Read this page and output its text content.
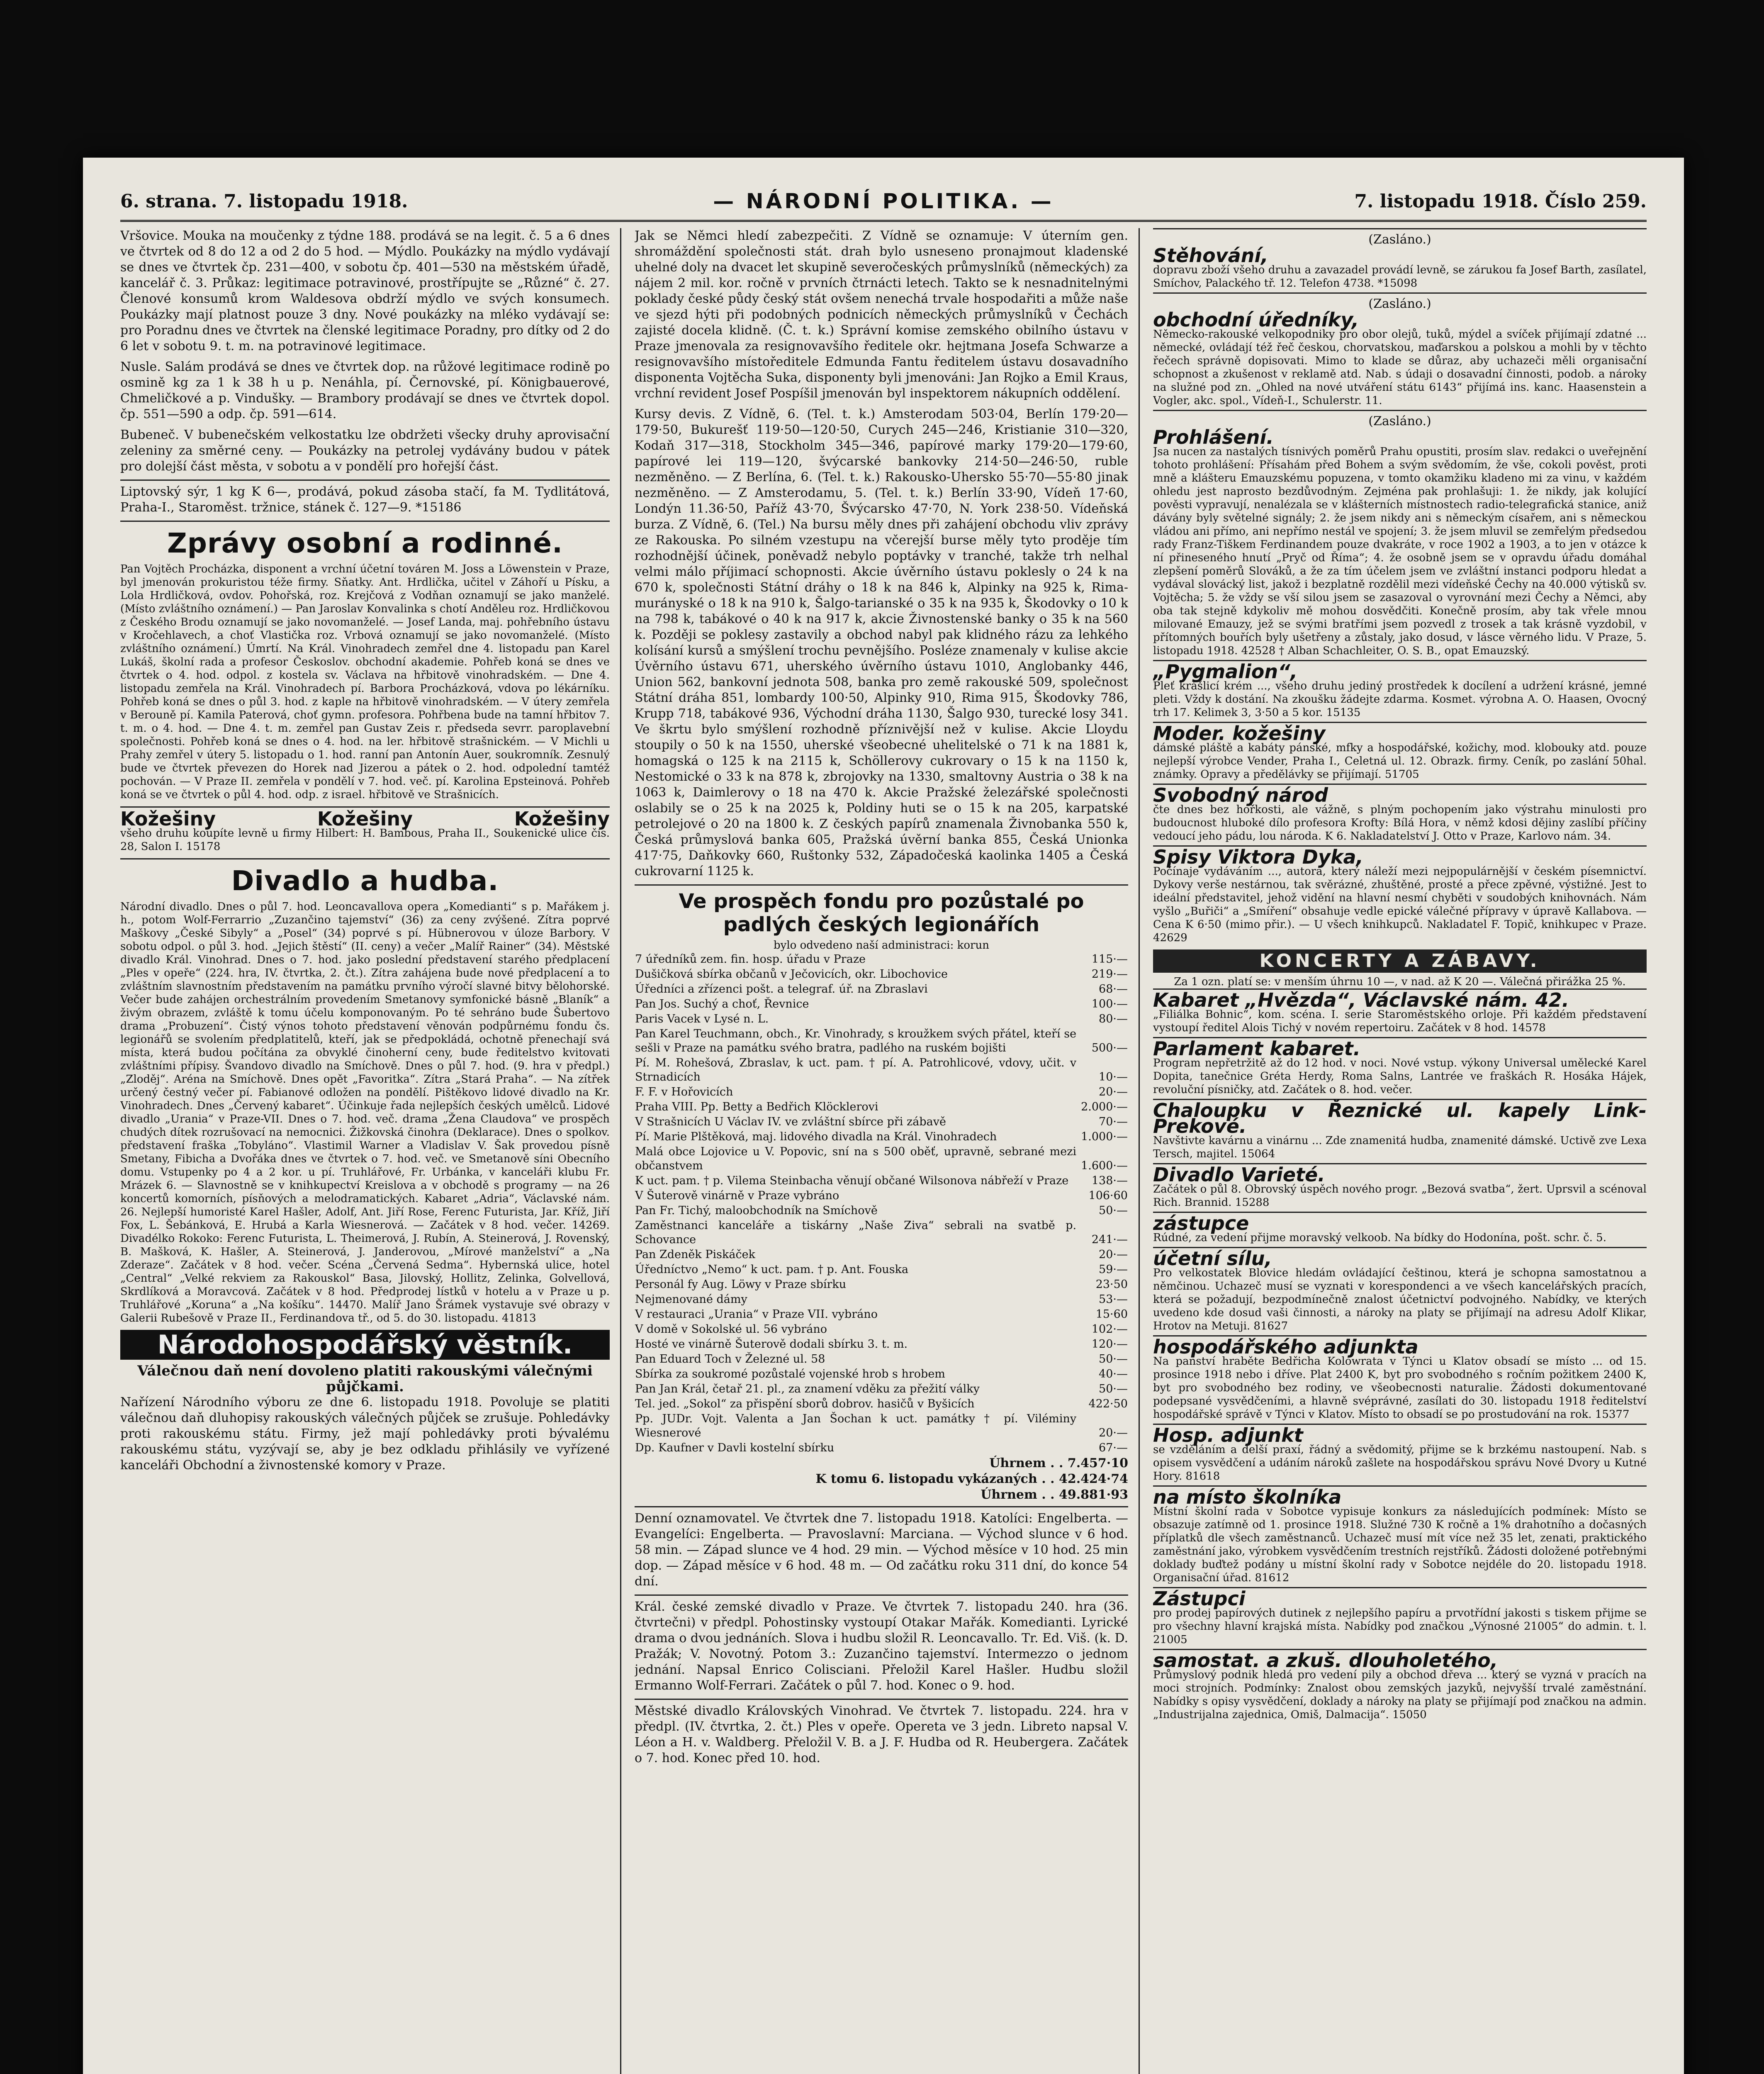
6. strana. 7. listopadu 1918.	— NÁRODNÍ POLITIKA. —	7. listopadu 1918. Číslo 259.

Vršovice. Mouka na moučenky z týdne 188. prodává se na legit. č. 5 a 6 dnes ve čtvrtek od 8 do 12 a od 2 do 5 hod. — Mýdlo. Poukázky na mýdlo vydávají se dnes ve čtvrtek čp. 231—400, v sobotu čp. 401—530 na městském úřadě, kancelář č. 3. Průkaz: legitimace potravinové, prostřípujte se „Různé“ č. 27. Členové konsumů krom Waldesova obdrží mýdlo ve svých konsumech. Poukázky mají platnost pouze 3 dny. Nové poukázky na mléko vydávají se: pro Poradnu dnes ve čtvrtek na členské legitimace Poradny, pro dítky od 2 do 6 let v sobotu 9. t. m. na potravinové legitimace.

Nusle. Salám prodává se dnes ve čtvrtek dop. na růžové legitimace rodině po osmině kg za 1 k 38 h u p. Nenáhla, pí. Černovské, pí. Königbauerové, Chmeličkové a p. Vindušky. — Brambory prodávají se dnes ve čtvrtek dopol. čp. 551—590 a odp. čp. 591—614.

Bubeneč. V bubenečském velkostatku lze obdržeti všecky druhy aprovisační zeleniny za směrné ceny. — Poukázky na petrolej vydávány budou v pátek pro dolejší část města, v sobotu a v pondělí pro hořejší část.

Liptovský sýr, 1 kg K 6—, prodává, pokud zásoba stačí, fa M. Tydlitátová, Praha-I., Staroměst. tržnice, stánek č. 127—9. *15186

Zprávy osobní a rodinné.

Pan Vojtěch Procházka, disponent a vrchní účetní továren M. Joss a Löwenstein v Praze, byl jmenován prokuristou téže firmy. Sňatky. Ant. Hrdlička, učitel v Záhoří u Písku, a Lola Hrdličková, ovdov. Pohořská, roz. Krejčová z Vodňan oznamují se jako manželé. (Místo zvláštního oznámení.) — Pan Jaroslav Konvalinka s chotí Anděleu roz. Hrdličkovou z Českého Brodu oznamují se jako novomanželé. — Josef Landa, maj. pohřebního ústavu v Kročehlavech, a choť Vlastička roz. Vrbová oznamují se jako novomanželé. (Místo zvláštního oznámení.) Úmrtí. Na Král. Vinohradech zemřel dne 4. listopadu pan Karel Lukáš, školní rada a profesor Českoslov. obchodní akademie. Pohřeb koná se dnes ve čtvrtek o 4. hod. odpol. z kostela sv. Václava na hřbitově vinohradském. — Dne 4. listopadu zemřela na Král. Vinohradech pí. Barbora Procházková, vdova po lékárníku. Pohřeb koná se dnes o půl 3. hod. z kaple na hřbitově vinohradském. — V útery zemřela v Berouně pí. Kamila Paterová, choť gymn. profesora. Pohřbena bude na tamní hřbitov 7. t. m. o 4. hod. — Dne 4. t. m. zemřel pan Gustav Zeis r. předseda sevrr. paroplavební společnosti. Pohřeb koná se dnes o 4. hod. na ler. hřbitově strašnickém. — V Michli u Prahy zemřel v útery 5. listopadu o 1. hod. ranní pan Antonín Auer, soukromník. Zesnulý bude ve čtvrtek převezen do Horek nad Jizerou a pátek o 2. hod. odpolední tamtéž pochován. — V Praze II. zemřela v pondělí v 7. hod. več. pí. Karolina Epsteinová. Pohřeb koná se ve čtvrtek o půl 4. hod. odp. z israel. hřbitově ve Strašnicích.

Kožešiny	Kožešiny	Kožešiny

všeho druhu koupíte levně u firmy Hilbert: H. Bambous, Praha II., Soukenické ulice čís. 28, Salon I. 15178

Divadlo a hudba.

Národní divadlo. Dnes o půl 7. hod. Leoncavallova opera „Komedianti“ s p. Mařákem j. h., potom Wolf-Ferrarrio „Zuzančino tajemství“ (36) za ceny zvýšené. Zítra poprvé Maškovy „České Sibyly“ a „Posel“ (34) poprvé s pí. Hübnerovou v úloze Barbory. V sobotu odpol. o půl 3. hod. „Jejich štěstí“ (II. ceny) a večer „Malíř Rainer“ (34). Městské divadlo Král. Vinohrad. Dnes o 7. hod. jako poslední představení starého předplacení „Ples v opeře“ (224. hra, IV. čtvrtka, 2. čt.). Zítra zahájena bude nové předplacení a to zvláštním slavnostním představením na památku prvního výročí slavné bitvy bělohorské. Večer bude zahájen orchestrálním provedením Smetanovy symfonické básně „Blaník“ a živým obrazem, zvláště k tomu účelu komponovaným. Po té sehráno bude Šubertovo drama „Probuzení“. Čistý výnos tohoto představení věnován podpůrnému fondu čs. legionářů se svolením předplatitelů, kteří, jak se předpokládá, ochotně přenechají svá místa, která budou počítána za obvyklé činoherní ceny, bude ředitelstvo kvitovati zvláštními přípisy. Švandovo divadlo na Smíchově. Dnes o půl 7. hod. (9. hra v předpl.) „Zloděj“. Aréna na Smíchově. Dnes opět „Favoritka“. Zítra „Stará Praha“. — Na zítřek určený čestný večer pí. Fabianové odložen na pondělí. Pištěkovo lidové divadlo na Kr. Vinohradech. Dnes „Červený kabaret“. Účinkuje řada nejlepších českých umělců. Lidové divadlo „Urania“ v Praze-VII. Dnes o 7. hod. več. drama „Žena Claudova“ ve prospěch chudých dítek rozrušovací na nemocnici. Žižkovská činohra (Deklarace). Dnes o spolkov. představení fraška „Tobyláno“. Vlastimil Warner a Vladislav V. Šak provedou písně Smetany, Fibicha a Dvořáka dnes ve čtvrtek o 7. hod. več. ve Smetanově síni Obecního domu. Vstupenky po 4 a 2 kor. u pí. Truhlářové, Fr. Urbánka, v kanceláři klubu Fr. Mrázek 6. — Slavnostně se v knihkupectví Kreislova a v obchodě s programy — na 26 koncertů komorních, písňových a melodramatických. Kabaret „Adria“, Václavské nám. 26. Nejlepší humoristé Karel Hašler, Adolf, Ant. Jiří Rose, Ferenc Futurista, Jar. Kříž, Jiří Fox, L. Šebánková, E. Hrubá a Karla Wiesnerová. — Začátek v 8 hod. večer. 14269. Divadélko Rokoko: Ferenc Futurista, L. Theimerová, J. Rubín, A. Steinerová, J. Rovenský, B. Mašková, K. Hašler, A. Steinerová, J. Janderovou, „Mírové manželství“ a „Na Zderaze“. Začátek v 8 hod. večer. Scéna „Červená Sedma“. Hybernská ulice, hotel „Central“ „Velké rekviem za Rakouskol“ Basa, Jilovský, Hollitz, Zelinka, Golvellová, Skrdlíková a Moravcová. Začátek v 8 hod. Předprodej lístků v hotelu a v Praze u p. Truhlářové „Koruna“ a „Na košíku“. 14470. Malíř Jano Šrámek vystavuje své obrazy v Galerii Rubešově v Praze II., Ferdinandova tř., od 5. do 30. listopadu. 41813

Národohospodářský věstník.
Válečnou daň není dovoleno platiti rakouskými válečnými půjčkami.

Nařízení Národního výboru ze dne 6. listopadu 1918. Povoluje se platiti válečnou daň dluhopisy rakouských válečných půjček se zrušuje. Pohledávky proti rakouskému státu. Firmy, jež mají pohledávky proti bývalému rakouskému státu, vyzývají se, aby je bez odkladu přihlásily ve vyřízené kanceláři Obchodní a živnostenské komory v Praze.

Jak se Němci hledí zabezpečiti. Z Vídně se oznamuje: V úterním gen. shromáždění společnosti stát. drah bylo usneseno pronajmout kladenské uhelné doly na dvacet let skupině severočeských průmyslníků (německých) za nájem 2 mil. kor. ročně v prvních čtrnácti letech. Takto se k nesnadnitelnými poklady české půdy český stát ovšem nenechá trvale hospodařiti a může naše ve sjezd hýti při podobných podnicích německých průmyslníků v Čechách zajisté docela klidně. (Č. t. k.) Správní komise zemského obilního ústavu v Praze jmenovala za resignovavšího ředitele okr. hejtmana Josefa Schwarze a resignovavšího místoředitele Edmunda Fantu ředitelem ústavu dosavadního disponenta Vojtěcha Suka, disponenty byli jmenováni: Jan Rojko a Emil Kraus, vrchní revident Josef Pospíšil jmenován byl inspektorem nákupních oddělení.

Kursy devis. Z Vídně, 6. (Tel. t. k.) Amsterodam 503·04, Berlín 179·20—179·50, Bukurešť 119·50—120·50, Curych 245—246, Kristianie 310—320, Kodaň 317—318, Stockholm 345—346, papírové marky 179·20—179·60, papírové lei 119—120, švýcarské bankovky 214·50—246·50, ruble nezměněno. — Z Berlína, 6. (Tel. t. k.) Rakousko-Uhersko 55·70—55·80 jinak nezměněno. — Z Amsterodamu, 5. (Tel. t. k.) Berlín 33·90, Vídeň 17·60, Londýn 11.36·50, Paříž 43·70, Švýcarsko 47·70, N. York 238·50. Vídeňská burza. Z Vídně, 6. (Tel.) Na bursu měly dnes při zahájení obchodu vliv zprávy ze Rakouska. Po silném vzestupu na včerejší burse měly tyto proděje tím rozhodnější účinek, poněvadž nebylo poptávky v tranché, takže trh nelhal velmi málo příjimací schopnosti. Akcie úvěrního ústavu poklesly o 24 k na 670 k, společnosti Státní dráhy o 18 k na 846 k, Alpinky na 925 k, Rima-murányské o 18 k na 910 k, Šalgo-tarianské o 35 k na 935 k, Škodovky o 10 k na 798 k, tabákové o 40 k na 917 k, akcie Živnostenské banky o 35 k na 560 k. Později se poklesy zastavily a obchod nabyl pak klidného rázu za lehkého kolísání kursů a smýšlení trochu pevnějšího. Posléze znamenaly v kulise akcie Úvěrního ústavu 671, uherského úvěrního ústavu 1010, Anglobanky 446, Union 562, bankovní jednota 508, banka pro země rakouské 509, společnost Státní dráha 851, lombardy 100·50, Alpinky 910, Rima 915, Škodovky 786, Krupp 718, tabákové 936, Východní dráha 1130, Šalgo 930, turecké losy 341. Ve škrtu bylo smýšlení rozhodně příznivější než v kulise. Akcie Lloydu stoupily o 50 k na 1550, uherské všeobecné uhelitelské o 71 k na 1881 k, homagská o 125 k na 2115 k, Schöllerovy cukrovary o 15 k na 1150 k, Nestomické o 33 k na 878 k, zbrojovky na 1330, smaltovny Austria o 38 k na 1063 k, Daimlerovy o 18 na 470 k. Akcie Pražské železářské společnosti oslabily se o 25 k na 2025 k, Poldiny huti se o 15 k na 205, karpatské petrolejové o 20 na 1800 k. Z českých papírů znamenala Živnobanka 550 k, Česká průmyslová banka 605, Pražská úvěrní banka 855, Česká Unionka 417·75, Daňkovky 660, Ruštonky 532, Západočeská kaolinka 1405 a Česká cukrovarní 1125 k.

Ve prospěch fondu pro pozůstalé po padlých českých legionářích
bylo odvedeno naší administraci: korun
7 úředníků zem. fin. hosp. úřadu v Praze	115·—
Dušičková sbírka občanů v Ječovicích, okr. Libochovice	219·—
Úředníci a zřízenci pošt. a telegraf. úř. na Zbraslavi	68·—
Pan Jos. Suchý a choť, Řevnice	100·—
Paris Vacek v Lysé n. L.	80·—
Pan Karel Teuchmann, obch., Kr. Vinohrady, s kroužkem svých přátel, kteří se sešli v Praze na památku svého bratra, padlého na ruském bojišti	500·—
Pí. M. Rohešová, Zbraslav, k uct. pam. † pí. A. Patrohlicové, vdovy, učit. v Strnadicích	10·—
F. F. v Hořovicích	20·—
Praha VIII. Pp. Betty a Bedřich Klöcklerovi	2.000·—
V Strašnicích U Václav IV. ve zvláštní sbírce při zábavě	70·—
Pí. Marie Plštěková, maj. lidového divadla na Král. Vinohradech	1.000·—
Malá obce Lojovice u V. Popovic, sní na s 500 oběť, upravně, sebrané mezi občanstvem	1.600·—
K uct. pam. † p. Vilema Steinbacha věnují občané Wilsonova nábřeží v Praze	138·—
V Šuterově vinárně v Praze vybráno	106·60
Pan Fr. Tichý, maloobchodník na Smíchově	50·—
Zaměstnanci kanceláře a tiskárny „Naše Ziva“ sebrali na svatbě p. Schovance	241·—
Pan Zdeněk Piskáček	20·—
Úředníctvo „Nemo“ k uct. pam. † p. Ant. Fouska	59·—
Personál fy Aug. Löwy v Praze sbírku	23·50
Nejmenované dámy	53·—
V restauraci „Urania“ v Praze VII. vybráno	15·60
V domě v Sokolské ul. 56 vybráno	102·—
Hosté ve vinárně Šuterově dodali sbírku 3. t. m.	120·—
Pan Eduard Toch v Železné ul. 58	50·—
Sbírka za soukromé pozůstalé vojenské hrob s hrobem	40·—
Pan Jan Král, četař 21. pl., za znamení vděku za přežití války	50·—
Tel. jed. „Sokol“ za přispění sborů dobrov. hasičů v Byšicích	422·50
Pp. JUDr. Vojt. Valenta a Jan Šochan k uct. památky † pí. Viléminy Wiesnerové	20·—
Dp. Kaufner v Davli kostelní sbírku	67·—
Úhrnem . . 7.457·10
K tomu 6. listopadu vykázaných . . 42.424·74
Úhrnem . . 49.881·93

Denní oznamovatel. Ve čtvrtek dne 7. listopadu 1918. Katolíci: Engelberta. — Evangelíci: Engelberta. — Pravoslavní: Marciana. — Východ slunce v 6 hod. 58 min. — Západ slunce ve 4 hod. 29 min. — Východ měsíce v 10 hod. 25 min dop. — Západ měsíce v 6 hod. 48 m. — Od začátku roku 311 dní, do konce 54 dní.

Král. české zemské divadlo v Praze. Ve čtvrtek 7. listopadu 240. hra (36. čtvrtečni) v předpl. Pohostinsky vystoupí Otakar Mařák. Komedianti. Lyrické drama o dvou jednáních. Slova i hudbu složil R. Leoncavallo. Tr. Ed. Viš. (k. D. Pražák; V. Novotný. Potom 3.: Zuzančino tajemství. Intermezzo o jednom jednání. Napsal Enrico Colisciani. Přeložil Karel Hašler. Hudbu složil Ermanno Wolf-Ferrari. Začátek o půl 7. hod. Konec o 9. hod.

Městské divadlo Královských Vinohrad. Ve čtvrtek 7. listopadu. 224. hra v předpl. (IV. čtvrtka, 2. čt.) Ples v opeře. Opereta ve 3 jedn. Libreto napsal V. Léon a H. v. Waldberg. Přeložil V. B. a J. F. Hudba od R. Heubergera. Začátek o 7. hod. Konec před 10. hod.

(Zasláno.)
Stěhování,
dopravu zboží všeho druhu a zavazadel provádí levně, se zárukou fa Josef Barth, zasílatel, Smíchov, Palackého tř. 12. Telefon 4738. *15098
(Zasláno.)
obchodní úředníky,
Německo-rakouské velkopodniky pro obor olejů, tuků, mýdel a svíček přijímají zdatné ... německé, ovládají též řeč českou, chorvatskou, maďarskou a polskou a mohli by v těchto řečech správně dopisovati. Mimo to klade se důraz, aby uchazeči měli organisační schopnost a zkušenost v reklamě atd. Nab. s údaji o dosavadní činnosti, podob. a nároky na služné pod zn. „Ohled na nové utváření státu 6143“ přijímá ins. kanc. Haasenstein a Vogler, akc. spol., Vídeň-I., Schulerstr. 11.
(Zasláno.)
Prohlášení.
Jsa nucen za nastalých tísnivých poměrů Prahu opustiti, prosím slav. redakci o uveřejnění tohoto prohlášení: Přísahám před Bohem a svým svědomím, že vše, cokoli pověst, proti mně a klášteru Emauzskému popuzena, v tomto okamžiku kladeno mi za vinu, v každém ohledu jest naprosto bezdůvodným. Zejména pak prohlašuji: 1. že nikdy, jak kolující pověsti vypravují, nenalézala se v klášterních místnostech radio-telegrafická stanice, aniž dávány byly světelné signály; 2. že jsem nikdy ani s německým císařem, ani s německou vládou ani přímo, ani nepřímo nestál ve spojení; 3. že jsem mluvil se zemřelým předsedou rady Franz-Tiškem Ferdinandem pouze dvakráte, v roce 1902 a 1903, a to jen v otázce k ní přineseného hnutí „Pryč od Říma“; 4. že osobně jsem se v opravdu úřadu domáhal zlepšení poměrů Slováků, a že za tím účelem jsem ve zvláštní instanci podporu hledat a vydával slovácký list, jakož i bezplatně rozdělil mezi vídeňské Čechy na 40.000 výtisků sv. Vojtěcha; 5. že vždy se vší silou jsem se zasazoval o vyrovnání mezi Čechy a Němci, aby oba tak stejně kdykoliv mě mohou dosvědčiti. Konečně prosím, aby tak vřele mnou milované Emauzy, jež se svými bratřími jsem pozvedl z trosek a tak krásně vyzdobil, v přítomných bouřích byly ušetřeny a zůstaly, jako dosud, v lásce věrného lidu. V Praze, 5. listopadu 1918. 42528 † Alban Schachleiter, O. S. B., opat Emauzský.
„Pygmalion“,
Pleť krášlicí krém ..., všeho druhu jediný prostředek k docílení a udržení krásné, jemné pleti. Vždy k dostání. Na zkoušku žádejte zdarma. Kosmet. výrobna A. O. Haasen, Ovocný trh 17. Kelimek 3, 3·50 a 5 kor. 15135
Moder. kožešiny
dámské pláště a kabáty pánské, mfky a hospodářské, kožichy, mod. klobouky atd. pouze nejlepší výrobce Vender, Praha I., Celetná ul. 12. Obrazk. firmy. Ceník, po zaslání 50hal. známky. Opravy a předělávky se přijímají. 51705
Svobodný národ
čte dnes bez hořkosti, ale vážně, s plným pochopením jako výstrahu minulosti pro budoucnost hluboké dílo profesora Krofty: Bílá Hora, v němž kdosi dějiny zaslíbí příčiny vedoucí jeho pádu, lou národa. K 6. Nakladatelství J. Otto v Praze, Karlovo nám. 34.
Spisy Viktora Dyka,
Počínaje vydáváním ..., autora, který náleží mezi nejpopulárnější v českém písemnictví. Dykovy verše nestárnou, tak svěrázné, zhuštěné, prosté a přece zpěvné, výstižné. Jest to ideální představitel, jehož vidění na hlavní nesmí chyběti v soudobých knihovnách. Nám vyšlo „Buřiči“ a „Smíření“ obsahuje vedle epické válečné přípravy v úpravě Kallabova. — Cena K 6·50 (mimo přir.). — U všech knihkupců. Nakladatel F. Topič, knihkupec v Praze. 42629
KONCERTY A ZÁBAVY.
Za 1 ozn. platí se: v menším úhrnu 10 —, v nad. až K 20 —. Válečná přirážka 25 %.
Kabaret „Hvězda“, Václavské nám. 42.
„Filiálka Bohnic“, kom. scéna. I. serie Staroměstského orloje. Při každém představení vystoupí ředitel Alois Tichý v novém repertoiru. Začátek v 8 hod. 14578
Parlament kabaret.
Program nepřetržitě až do 12 hod. v noci. Nové vstup. výkony Universal umělecké Karel Dopita, tanečnice Gréta Herdy, Roma Salns, Lantrée ve fraškách R. Hosáka Hájek, revoluční písničky, atd. Začátek o 8. hod. večer.
Chaloupku v Řeznické ul. kapely Link-Prekové.
Navštivte kavárnu a vinárnu ... Zde znamenitá hudba, znamenité dámské. Uctivě zve Lexa Tersch, majitel. 15064
Divadlo Varieté.
Začátek o půl 8. Obrovský úspěch nového progr. „Bezová svatba“, žert. Uprsvil a scénoval Rich. Brannid. 15288
zástupce
Rúdné, za vedení přijme moravský velkoob. Na bídky do Hodonína, pošt. schr. č. 5.
účetní sílu,
Pro velkostatek Blovice hledám ovládající češtinou, která je schopna samostatnou a němčinou. Uchazeč musí se vyznati v korespondenci a ve všech kancelářských pracích, která se požadují, bezpodmínečně znalost účetnictví podvojného. Nabídky, ve kterých uvedeno kde dosud vaši činnosti, a nároky na platy se přijímají na adresu Adolf Klikar, Hrotov na Metuji. 81627
hospodářského adjunkta
Na panství hraběte Bedřicha Kolowrata v Týnci u Klatov obsadí se místo ... od 15. prosince 1918 nebo i dříve. Plat 2400 K, byt pro svobodného s ročním požitkem 2400 K, byt pro svobodného bez rodiny, ve všeobecnosti naturalie. Žádosti dokumentované podepsané vysvědčeními, a hlavně svéprávné, zasílati do 30. listopadu 1918 ředitelství hospodářské správě v Týnci v Klatov. Místo to obsadí se po prostudování na rok. 15377
Hosp. adjunkt
se vzděláním a delší praxí, řádný a svědomitý, přijme se k brzkému nastoupení. Nab. s opisem vysvědčení a udáním nároků zašlete na hospodářskou správu Nové Dvory u Kutné Hory. 81618
na místo školníka
Místní školní rada v Sobotce vypisuje konkurs za následujících podmínek: Místo se obsazuje zatímně od 1. prosince 1918. Služné 730 K ročně a 1% drahotního a dočasných příplatků dle všech zaměstnanců. Uchazeč musí mít více než 35 let, zenati, praktického zaměstnání jako, výrobkem vysvědčením trestních rejstříků. Žádosti doložené potřebnými doklady buďtež podány u místní školní rady v Sobotce nejdéle do 20. listopadu 1918. Organisační úřad. 81612
Zástupci
pro prodej papírových dutinek z nejlepšího papíru a prvotřídní jakosti s tiskem přijme se pro všechny hlavní krajská místa. Nabídky pod značkou „Výnosné 21005“ do admin. t. l. 21005
samostat. a zkuš. dlouholetého,
Průmyslový podnik hledá pro vedení pily a obchod dřeva ... který se vyzná v pracích na moci strojních. Podmínky: Znalost obou zemských jazyků, nejvyšší trvalé zaměstnání. Nabídky s opisy vysvědčení, doklady a nároky na platy se přijímají pod značkou na admin. „Industrijalna zajednica, Omiš, Dalmacija“. 15050
